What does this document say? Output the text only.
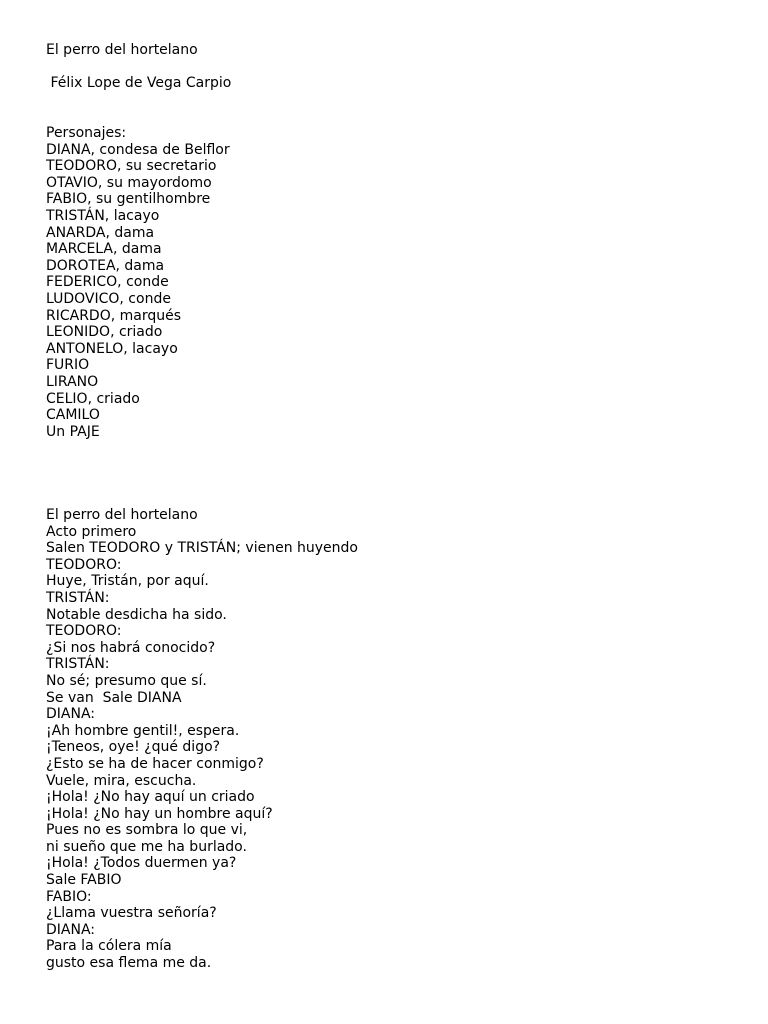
El perro del hortelano
Félix Lope de Vega Carpio
Personajes:
DIANA, condesa de Belflor
TEODORO, su secretario
OTAVIO, su mayordomo
FABIO, su gentilhombre
TRISTÁN, lacayo
ANARDA, dama
MARCELA, dama
DOROTEA, dama
FEDERICO, conde
LUDOVICO, conde
RICARDO, marqués
LEONIDO, criado
ANTONELO, lacayo
FURIO
LIRANO
CELIO, criado
CAMILO
Un PAJE
El perro del hortelano
Acto primero
Salen TEODORO y TRISTÁN; vienen huyendo
TEODORO:
Huye, Tristán, por aquí.
TRISTÁN:
Notable desdicha ha sido.
TEODORO:
¿Si nos habrá conocido?
TRISTÁN:
No sé; presumo que sí.
Se van  Sale DIANA
DIANA:
¡Ah hombre gentil!, espera.
¡Teneos, oye! ¿qué digo?
¿Esto se ha de hacer conmigo?
Vuele, mira, escucha.
¡Hola! ¿No hay aquí un criado
¡Hola! ¿No hay un hombre aquí?
Pues no es sombra lo que vi,
ni sueño que me ha burlado.
¡Hola! ¿Todos duermen ya?
Sale FABIO
FABIO:
¿Llama vuestra señoría?
DIANA:
Para la cólera mía
gusto esa flema me da.
